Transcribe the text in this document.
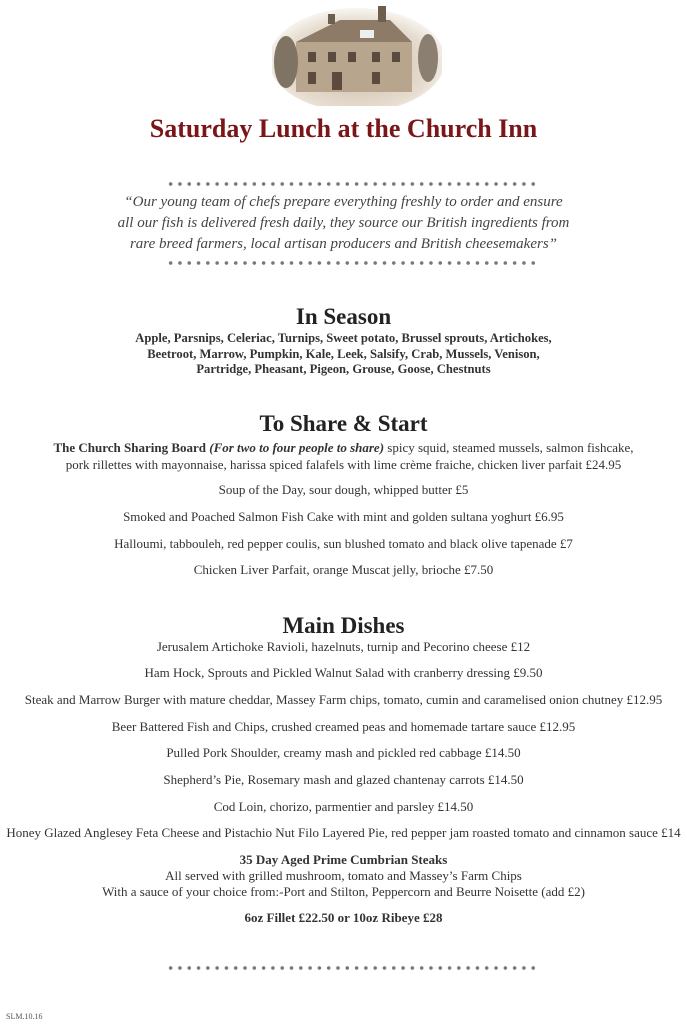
Saturday Lunch at the Church Inn
“Our young team of chefs prepare everything freshly to order and ensure
all our fish is delivered fresh daily, they source our British ingredients from
rare breed farmers, local artisan producers and British cheesemakers”
In Season
Apple, Parsnips, Celeriac, Turnips, Sweet potato, Brussel sprouts, Artichokes,
Beetroot, Marrow, Pumpkin, Kale, Leek, Salsify, Crab, Mussels, Venison,
Partridge, Pheasant, Pigeon, Grouse, Goose, Chestnuts
To Share & Start
The Church Sharing Board (For two to four people to share) spicy squid, steamed mussels, salmon fishcake,
pork rillettes with mayonnaise, harissa spiced falafels with lime crème fraiche, chicken liver parfait £24.95
Soup of the Day, sour dough, whipped butter £5
Smoked and Poached Salmon Fish Cake with mint and golden sultana yoghurt £6.95
Halloumi, tabbouleh, red pepper coulis, sun blushed tomato and black olive tapenade £7
Chicken Liver Parfait, orange Muscat jelly, brioche £7.50
Main Dishes
Jerusalem Artichoke Ravioli, hazelnuts, turnip and Pecorino cheese £12
Ham Hock, Sprouts and Pickled Walnut Salad with cranberry dressing £9.50
Steak and Marrow Burger with mature cheddar, Massey Farm chips, tomato, cumin and caramelised onion chutney £12.95
Beer Battered Fish and Chips, crushed creamed peas and homemade tartare sauce £12.95
Pulled Pork Shoulder, creamy mash and pickled red cabbage £14.50
Shepherd’s Pie, Rosemary mash and glazed chantenay carrots £14.50
Cod Loin, chorizo, parmentier and parsley £14.50
Honey Glazed Anglesey Feta Cheese and Pistachio Nut Filo Layered Pie, red pepper jam roasted tomato and cinnamon sauce £14
35 Day Aged Prime Cumbrian Steaks
All served with grilled mushroom, tomato and Massey’s Farm Chips
With a sauce of your choice from:-Port and Stilton, Peppercorn and Beurre Noisette (add £2)
6oz Fillet £22.50 or 10oz Ribeye £28
SLM.10.16
